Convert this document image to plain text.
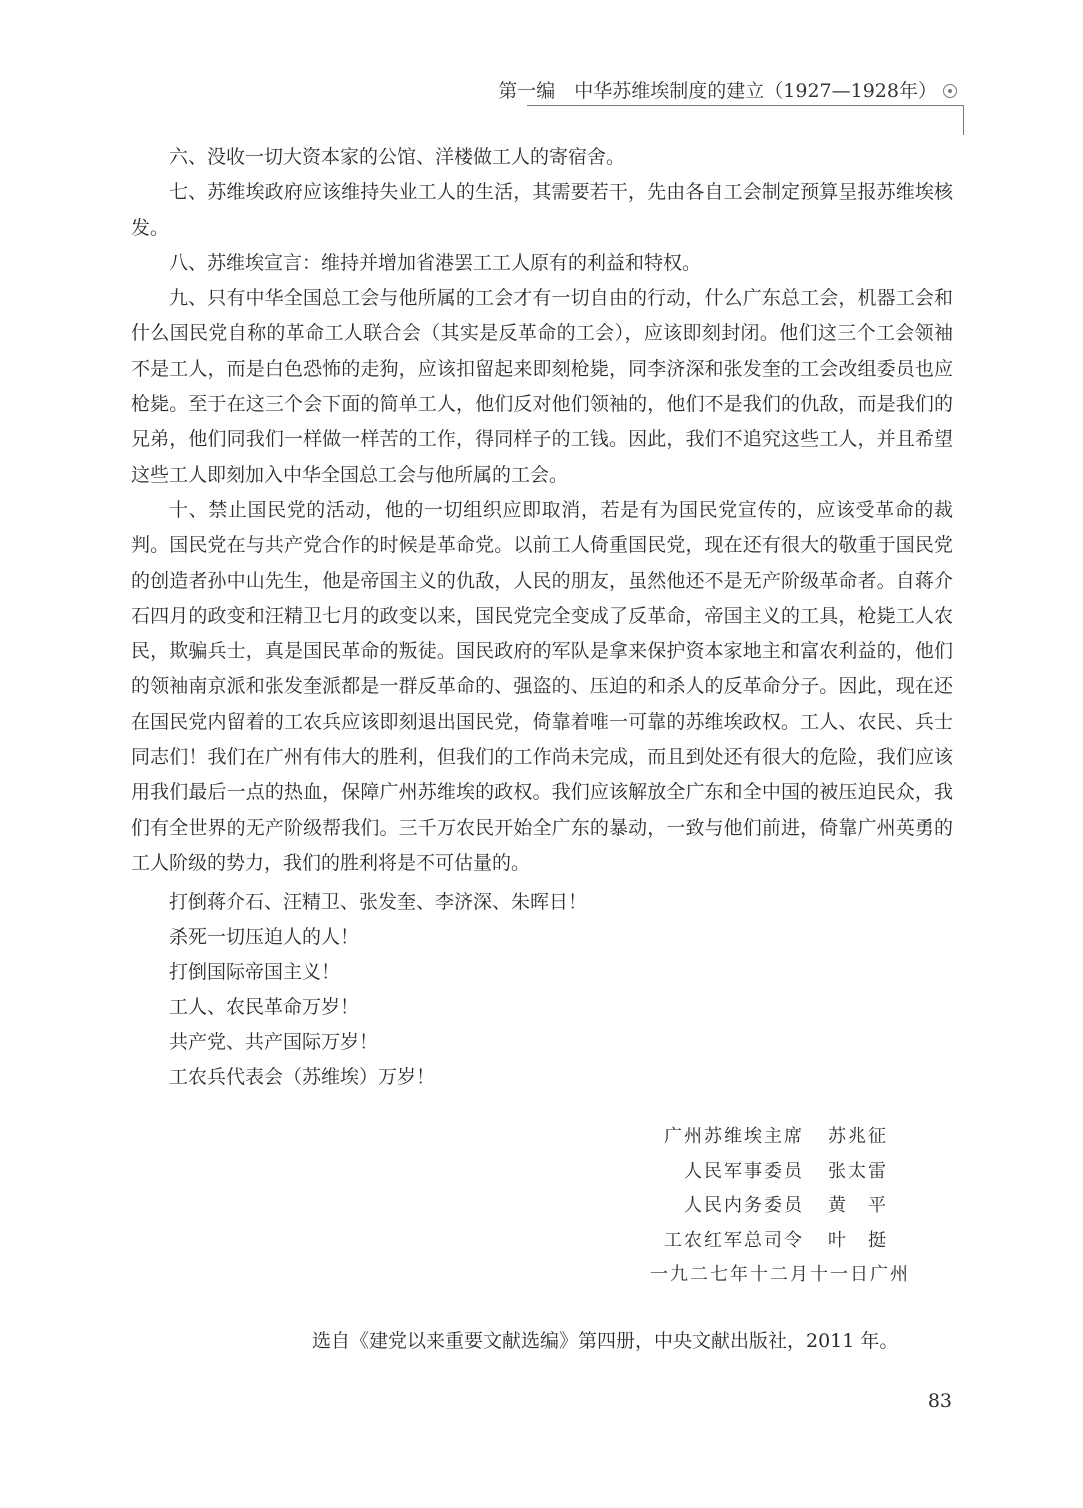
第一编　中华苏维埃制度的建立（1927—1928年）

六、没收一切大资本家的公馆、洋楼做工人的寄宿舍。

七、苏维埃政府应该维持失业工人的生活，其需要若干，先由各自工会制定预算呈报苏维埃核发。

八、苏维埃宣言：维持并增加省港罢工工人原有的利益和特权。

九、只有中华全国总工会与他所属的工会才有一切自由的行动，什么广东总工会，机器工会和什么国民党自称的革命工人联合会（其实是反革命的工会），应该即刻封闭。他们这三个工会领袖不是工人，而是白色恐怖的走狗，应该扣留起来即刻枪毙，同李济深和张发奎的工会改组委员也应枪毙。至于在这三个会下面的简单工人，他们反对他们领袖的，他们不是我们的仇敌，而是我们的兄弟，他们同我们一样做一样苦的工作，得同样子的工钱。因此，我们不追究这些工人，并且希望这些工人即刻加入中华全国总工会与他所属的工会。

十、禁止国民党的活动，他的一切组织应即取消，若是有为国民党宣传的，应该受革命的裁判。国民党在与共产党合作的时候是革命党。以前工人倚重国民党，现在还有很大的敬重于国民党的创造者孙中山先生，他是帝国主义的仇敌，人民的朋友，虽然他还不是无产阶级革命者。自蒋介石四月的政变和汪精卫七月的政变以来，国民党完全变成了反革命，帝国主义的工具，枪毙工人农民，欺骗兵士，真是国民革命的叛徒。国民政府的军队是拿来保护资本家地主和富农利益的，他们的领袖南京派和张发奎派都是一群反革命的、强盗的、压迫的和杀人的反革命分子。因此，现在还在国民党内留着的工农兵应该即刻退出国民党，倚靠着唯一可靠的苏维埃政权。工人、农民、兵士同志们！我们在广州有伟大的胜利，但我们的工作尚未完成，而且到处还有很大的危险，我们应该用我们最后一点的热血，保障广州苏维埃的政权。我们应该解放全广东和全中国的被压迫民众，我们有全世界的无产阶级帮我们。三千万农民开始全广东的暴动，一致与他们前进，倚靠广州英勇的工人阶级的势力，我们的胜利将是不可估量的。

打倒蒋介石、汪精卫、张发奎、李济深、朱晖日！

杀死一切压迫人的人！

打倒国际帝国主义！

工人、农民革命万岁！

共产党、共产国际万岁！

工农兵代表会（苏维埃）万岁！

广州苏维埃主席	苏兆征
人民军事委员	张太雷
人民内务委员	黄　平
工农红军总司令	叶　挺
一九二七年十二月十一日广州
选自《建党以来重要文献选编》第四册，中央文献出版社，2011 年。
83
